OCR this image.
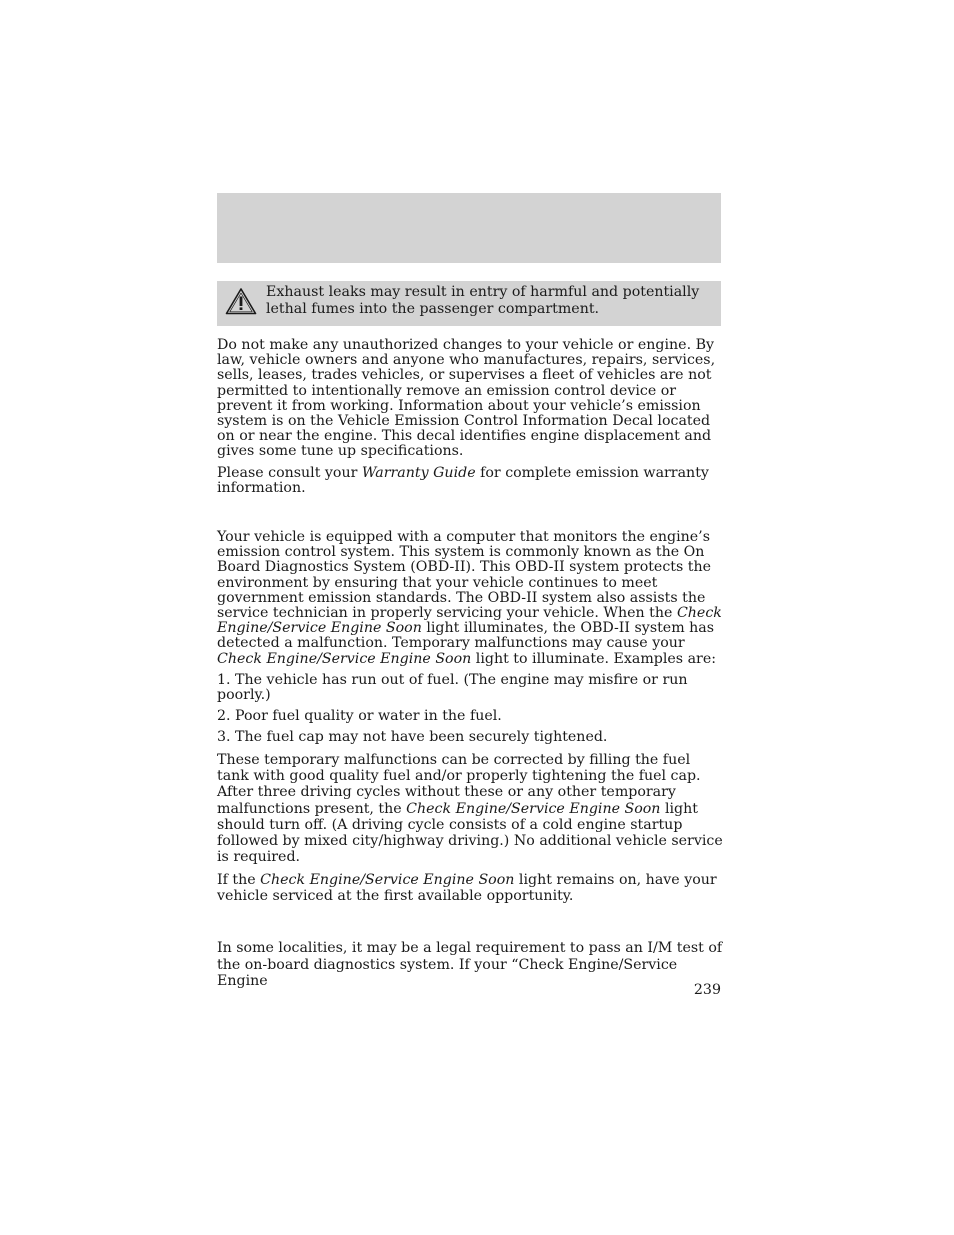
Exhaust leaks may result in entry of harmful and potentially lethal fumes into the passenger compartment.

Do not make any unauthorized changes to your vehicle or engine. By law, vehicle owners and anyone who manufactures, repairs, services, sells, leases, trades vehicles, or supervises a fleet of vehicles are not permitted to intentionally remove an emission control device or prevent it from working. Information about your vehicle’s emission system is on the Vehicle Emission Control Information Decal located on or near the engine. This decal identifies engine displacement and gives some tune up specifications.

Please consult your Warranty Guide for complete emission warranty information.

Your vehicle is equipped with a computer that monitors the engine’s emission control system. This system is commonly known as the On Board Diagnostics System (OBD-II). This OBD-II system protects the environment by ensuring that your vehicle continues to meet government emission standards. The OBD-II system also assists the service technician in properly servicing your vehicle. When the Check Engine/Service Engine Soon light illuminates, the OBD-II system has detected a malfunction. Temporary malfunctions may cause your Check Engine/Service Engine Soon light to illuminate. Examples are:

1. The vehicle has run out of fuel. (The engine may misfire or run poorly.)

2. Poor fuel quality or water in the fuel.

3. The fuel cap may not have been securely tightened.

These temporary malfunctions can be corrected by filling the fuel tank with good quality fuel and/or properly tightening the fuel cap. After three driving cycles without these or any other temporary malfunctions present, the Check Engine/Service Engine Soon light should turn off. (A driving cycle consists of a cold engine startup followed by mixed city/highway driving.) No additional vehicle service is required.

If the Check Engine/Service Engine Soon light remains on, have your vehicle serviced at the first available opportunity.

In some localities, it may be a legal requirement to pass an I/M test of the on-board diagnostics system. If your “Check Engine/Service Engine

239
